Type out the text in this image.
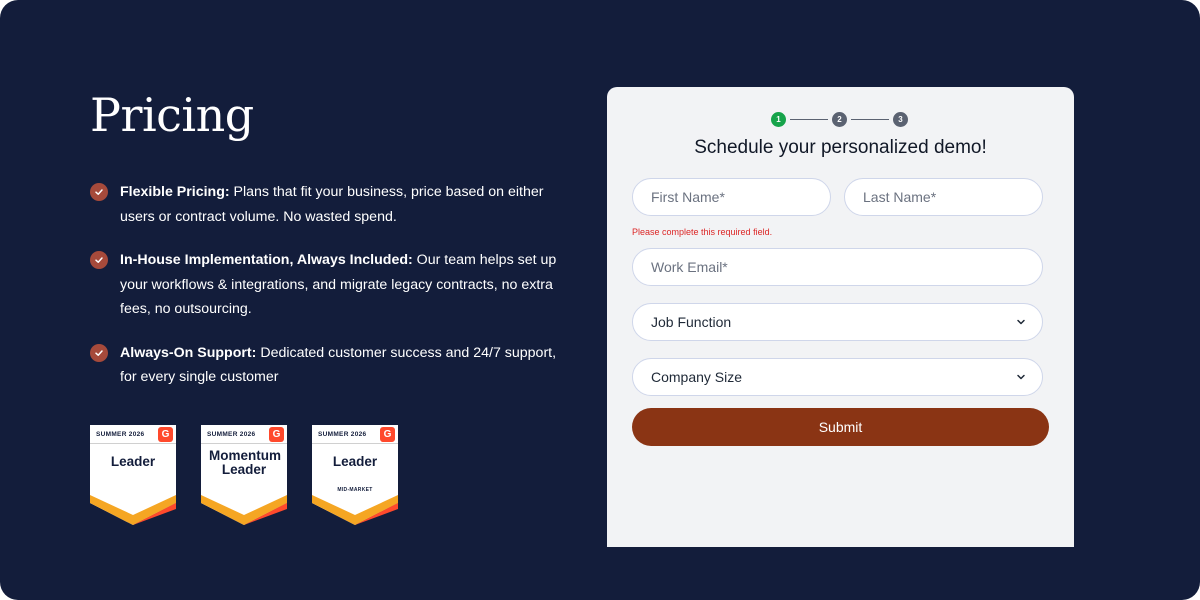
Pricing
Flexible Pricing: Plans that fit your business, price based on either users or contract volume. No wasted spend.
In-House Implementation, Always Included: Our team helps set up your workflows & integrations, and migrate legacy contracts, no extra fees, no outsourcing.
Always-On Support: Dedicated customer success and 24/7 support, for every single customer
SUMMER 2026	G
Leader
SUMMER 2026	G
Momentum Leader
SUMMER 2026	G
Leader
MID-MARKET
1	2	3
Schedule your personalized demo!
First Name*
Last Name*
Please complete this required field.
Work Email*
Job Function
Company Size
Submit
